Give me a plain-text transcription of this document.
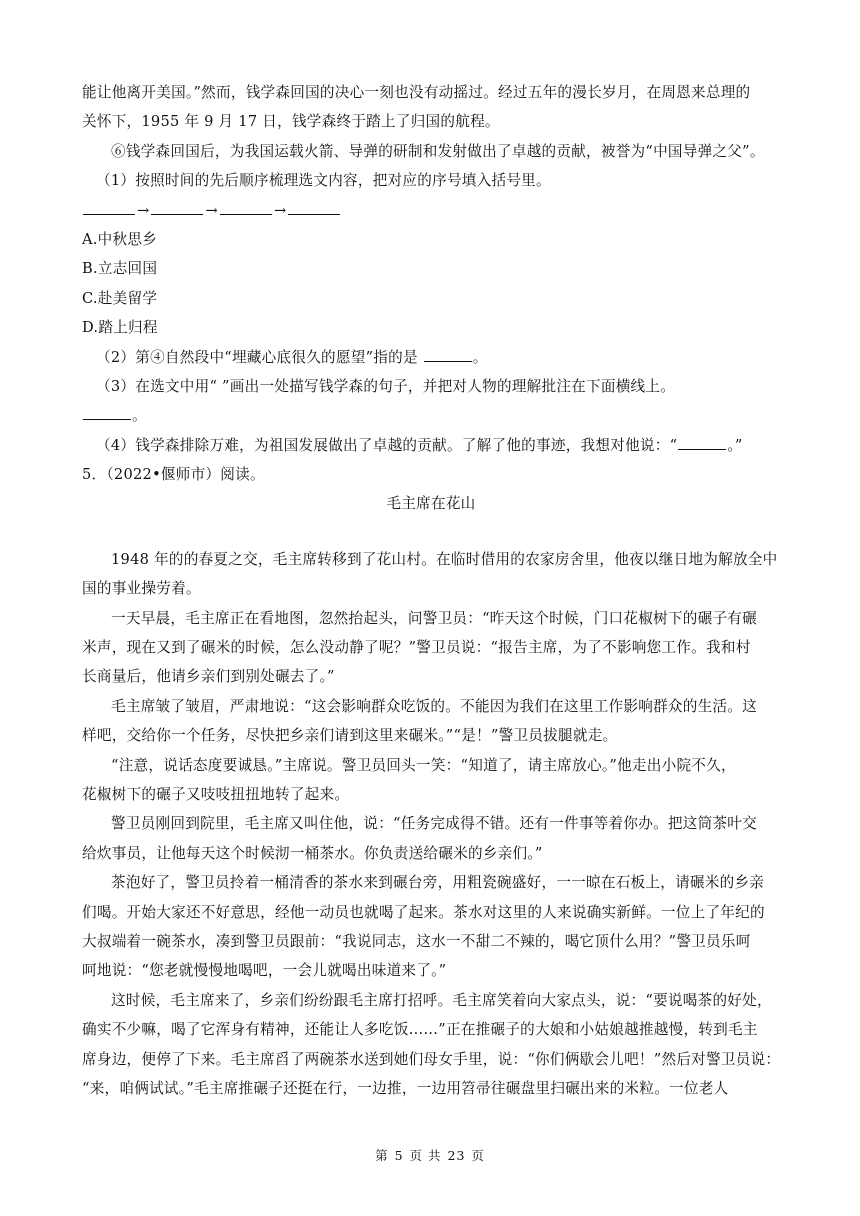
能让他离开美国。”然而，钱学森回国的决心一刻也没有动摇过。经过五年的漫长岁月，在周恩来总理的
关怀下，1955 年 9 月 17 日，钱学森终于踏上了归国的航程。
⑥钱学森回国后，为我国运载火箭、导弹的研制和发射做出了卓越的贡献，被誉为“中国导弹之父”。
（1）按照时间的先后顺序梳理选文内容，把对应的序号填入括号里。
→	→	→
A.中秋思乡
B.立志回国
C.赴美留学
D.踏上归程
（2）第④自然段中“埋藏心底很久的愿望”指的是	。
（3）在选文中用“ ”画出一处描写钱学森的句子，并把对人物的理解批注在下面横线上。
。
（4）钱学森排除万难，为祖国发展做出了卓越的贡献。了解了他的事迹，我想对他说：“	。”
5．（2022•偃师市）阅读。
毛主席在花山
1948 年的的春夏之交，毛主席转移到了花山村。在临时借用的农家房舍里，他夜以继日地为解放全中
国的事业操劳着。
一天早晨，毛主席正在看地图，忽然抬起头，问警卫员：“昨天这个时候，门口花椒树下的碾子有碾
米声，现在又到了碾米的时候，怎么没动静了呢？”警卫员说：“报告主席，为了不影响您工作。我和村
长商量后，他请乡亲们到别处碾去了。”
毛主席皱了皱眉，严肃地说：“这会影响群众吃饭的。不能因为我们在这里工作影响群众的生活。这
样吧，交给你一个任务，尽快把乡亲们请到这里来碾米。”“是！”警卫员拔腿就走。
“注意，说话态度要诚恳。”主席说。警卫员回头一笑：“知道了，请主席放心。”他走出小院不久，
花椒树下的碾子又吱吱扭扭地转了起来。
警卫员刚回到院里，毛主席又叫住他，说：“任务完成得不错。还有一件事等着你办。把这筒茶叶交
给炊事员，让他每天这个时候沏一桶茶水。你负责送给碾米的乡亲们。”
茶泡好了，警卫员拎着一桶清香的茶水来到碾台旁，用粗瓷碗盛好，一一晾在石板上，请碾米的乡亲
们喝。开始大家还不好意思，经他一动员也就喝了起来。茶水对这里的人来说确实新鲜。一位上了年纪的
大叔端着一碗茶水，凑到警卫员跟前：“我说同志，这水一不甜二不辣的，喝它顶什么用？”警卫员乐呵
呵地说：“您老就慢慢地喝吧，一会儿就喝出味道来了。”
这时候，毛主席来了，乡亲们纷纷跟毛主席打招呼。毛主席笑着向大家点头，说：“要说喝茶的好处，
确实不少嘛，喝了它浑身有精神，还能让人多吃饭……”正在推碾子的大娘和小姑娘越推越慢，转到毛主
席身边，便停了下来。毛主席舀了两碗茶水送到她们母女手里，说：“你们俩歇会儿吧！”然后对警卫员说：
“来，咱俩试试。”毛主席推碾子还挺在行，一边推，一边用笤帚往碾盘里扫碾出来的米粒。一位老人
第 5 页 共 23 页
